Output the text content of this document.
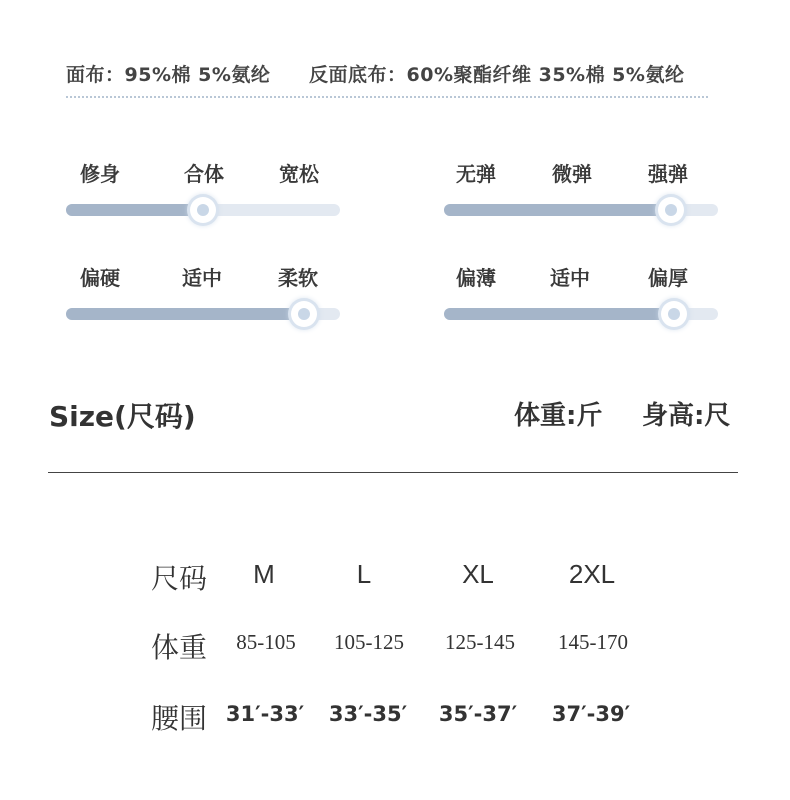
面布：95%棉 5%氨纶 反面底布：60%聚酯纤维 35%棉 5%氨纶
修身	合体	宽松	无弹	微弹	强弹
偏硬	适中	柔软	偏薄	适中	偏厚
Size(尺码)	体重:斤 身高:尺
尺码	M	L	XL	2XL
体重	85-105	105-125	125-145	145-170
腰围 31′-33′	33′-35′	35′-37′	37′-39′
